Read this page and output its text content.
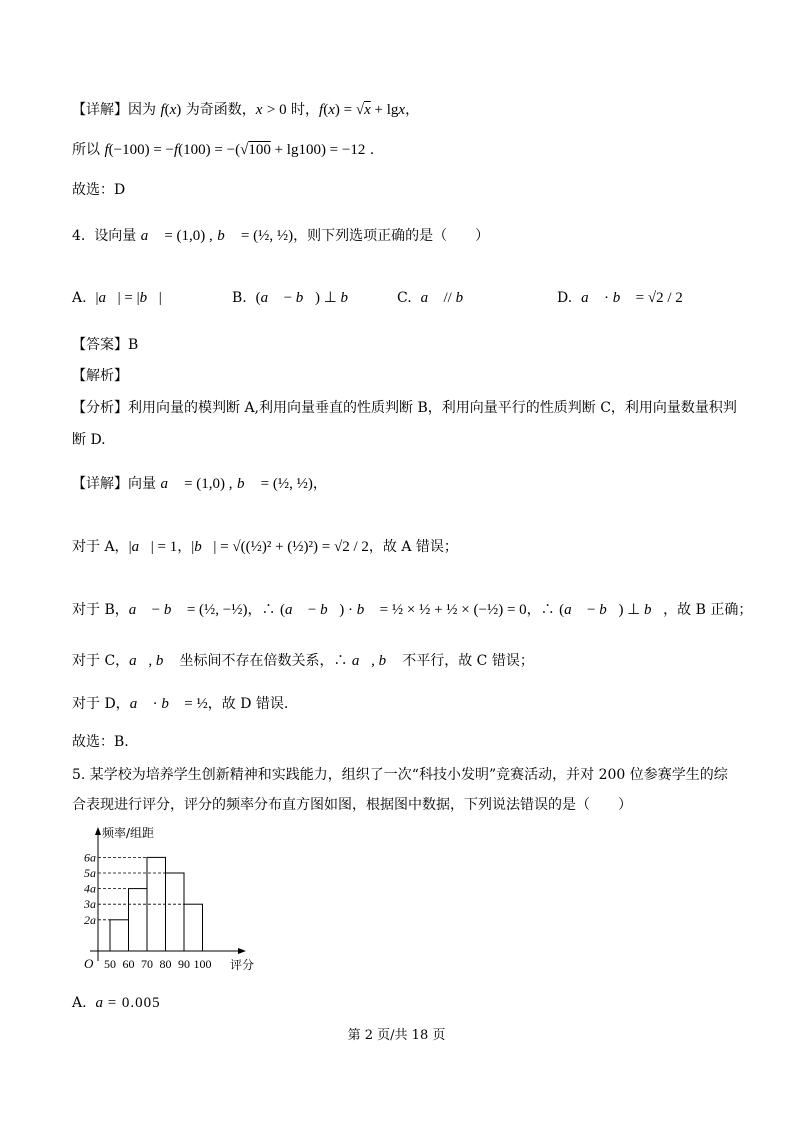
【详解】因为 f(x) 为奇函数，x > 0 时，f(x) = √x + lgx，
所以 f(−100) = −f(100) = −(√100 + lg100) = −12 .
故选：D
4.  设向量 a⃗ = (1,0) , b⃗ = (½, ½)，则下列选项正确的是（　　）
A.  |a⃗| = |b⃗|	B.  (a⃗ − b⃗) ⊥ b⃗	C.  a⃗ // b⃗	D.  a⃗ · b⃗ = √2 / 2
【答案】B
【解析】
【分析】利用向量的模判断 A,利用向量垂直的性质判断 B，利用向量平行的性质判断 C，利用向量数量积判
断 D.
【详解】向量 a⃗ = (1,0) , b⃗ = (½, ½)，
对于 A，|a⃗| = 1，|b⃗| = √((½)² + (½)²) = √2 / 2，故 A 错误；
对于 B，a⃗ − b⃗ = (½, −½)，∴ (a⃗ − b⃗) · b⃗ = ½ × ½ + ½ × (−½) = 0，∴ (a⃗ − b⃗) ⊥ b⃗，故 B 正确；
对于 C，a⃗, b⃗ 坐标间不存在倍数关系，∴ a⃗, b⃗ 不平行，故 C 错误；
对于 D，a⃗ · b⃗ = ½，故 D 错误.
故选：B.
5. 某学校为培养学生创新精神和实践能力，组织了一次“科技小发明”竞赛活动，并对 200 位参赛学生的综
合表现进行评分，评分的频率分布直方图如图，根据图中数据，下列说法错误的是（　　）
频率/组距
评分
O
2a
3a
4a
5a
6a
50 60 70 80 90 100
A.  a = 0.005
第 2 页/共 18 页
